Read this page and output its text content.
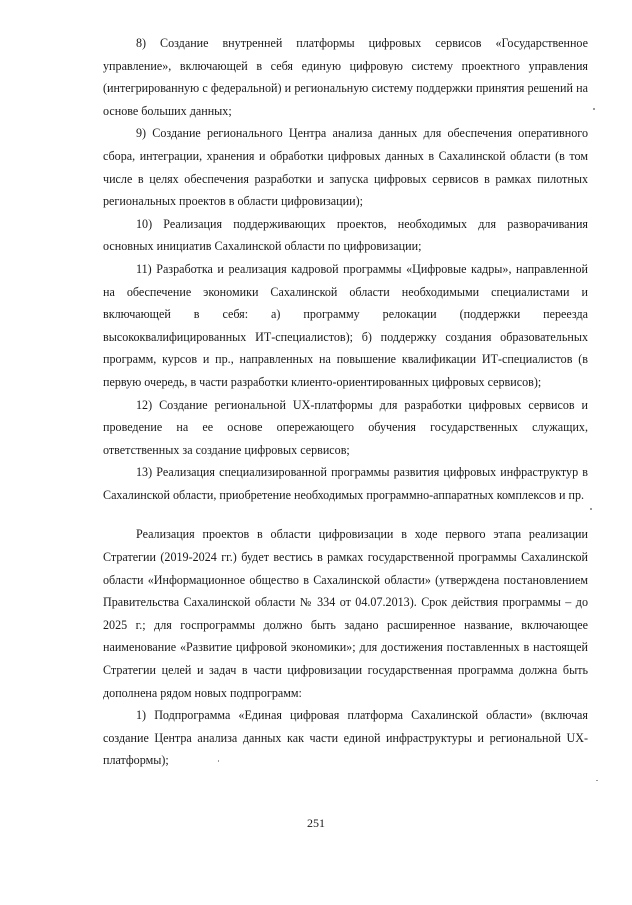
8) Создание внутренней платформы цифровых сервисов «Государственное управление», включающей в себя единую цифровую систему проектного управления (интегрированную с федеральной) и региональную систему поддержки принятия решений на основе больших данных;

9) Создание регионального Центра анализа данных для обеспечения оперативного сбора, интеграции, хранения и обработки цифровых данных в Сахалинской области (в том числе в целях обеспечения разработки и запуска цифровых сервисов в рамках пилотных региональных проектов в области цифровизации);

10) Реализация поддерживающих проектов, необходимых для разворачивания основных инициатив Сахалинской области по цифровизации;

11) Разработка и реализация кадровой программы «Цифровые кадры», направленной на обеспечение экономики Сахалинской области необходимыми специалистами и включающей в себя: а) программу релокации (поддержки переезда высококвалифицированных ИТ-специалистов); б) поддержку создания образовательных программ, курсов и пр., направленных на повышение квалификации ИТ-специалистов (в первую очередь, в части разработки клиенто-ориентированных цифровых сервисов);

12) Создание региональной UX-платформы для разработки цифровых сервисов и проведение на ее основе опережающего обучения государственных служащих, ответственных за создание цифровых сервисов;

13) Реализация специализированной программы развития цифровых инфраструктур в Сахалинской области, приобретение необходимых программно-аппаратных комплексов и пр.

Реализация проектов в области цифровизации в ходе первого этапа реализации Стратегии (2019-2024 гг.) будет вестись в рамках государственной программы Сахалинской области «Информационное общество в Сахалинской области» (утверждена постановлением Правительства Сахалинской области № 334 от 04.07.2013). Срок действия программы – до 2025 г.; для госпрограммы должно быть задано расширенное название, включающее наименование «Развитие цифровой экономики»; для достижения поставленных в настоящей Стратегии целей и задач в части цифровизации государственная программа должна быть дополнена рядом новых подпрограмм:

1) Подпрограмма «Единая цифровая платформа Сахалинской области» (включая создание Центра анализа данных как части единой инфраструктуры и региональной UX-платформы);

251
